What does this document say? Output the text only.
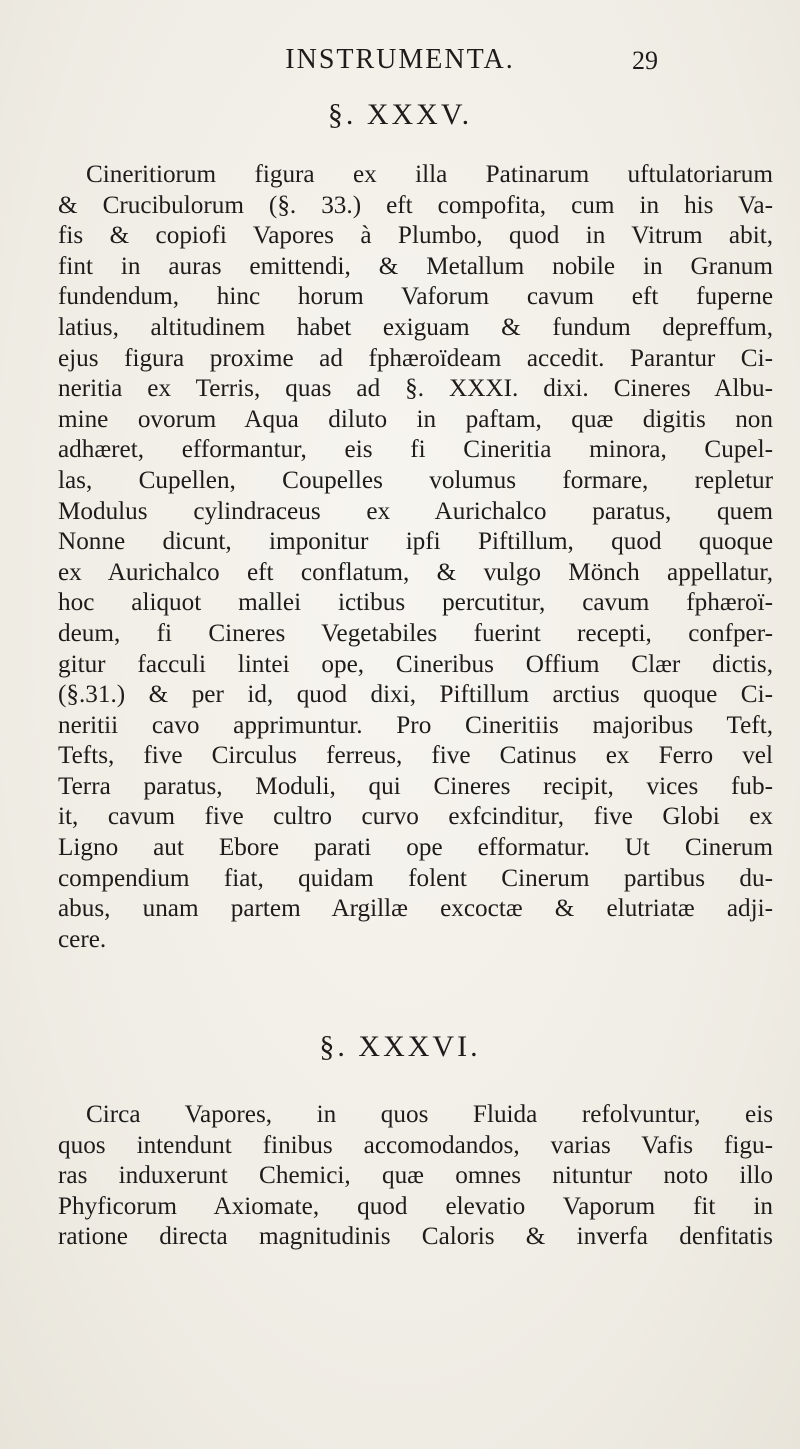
INSTRUMENTA.	29
§. XXXV.
Cineritiorum figura ex illa Patinarum uftulatoriarum
& Crucibulorum (§. 33.) eft compofita, cum in his Va-
fis & copiofi Vapores à Plumbo, quod in Vitrum abit,
fint in auras emittendi, & Metallum nobile in Granum
fundendum, hinc horum Vaforum cavum eft fuperne
latius, altitudinem habet exiguam & fundum depreffum,
ejus figura proxime ad fphæroïdeam accedit. Parantur Ci-
neritia ex Terris, quas ad §. XXXI. dixi. Cineres Albu-
mine ovorum Aqua diluto in paftam, quæ digitis non
adhæret, efformantur, eis fi Cineritia minora, Cupel-
las, Cupellen, Coupelles volumus formare, repletur
Modulus cylindraceus ex Aurichalco paratus, quem
Nonne dicunt, imponitur ipfi Piftillum, quod quoque
ex Aurichalco eft conflatum, & vulgo Mönch appellatur,
hoc aliquot mallei ictibus percutitur, cavum fphæroï-
deum, fi Cineres Vegetabiles fuerint recepti, confper-
gitur facculi lintei ope, Cineribus Offium Clær dictis,
(§.31.) & per id, quod dixi, Piftillum arctius quoque Ci-
neritii cavo apprimuntur. Pro Cineritiis majoribus Teft,
Tefts, five Circulus ferreus, five Catinus ex Ferro vel
Terra paratus, Moduli, qui Cineres recipit, vices fub-
it, cavum five cultro curvo exfcinditur, five Globi ex
Ligno aut Ebore parati ope efformatur. Ut Cinerum
compendium fiat, quidam folent Cinerum partibus du-
abus, unam partem Argillæ excoctæ & elutriatæ adji-
cere.
§. XXXVI.
Circa Vapores, in quos Fluida refolvuntur, eis
quos intendunt finibus accomodandos, varias Vafis figu-
ras induxerunt Chemici, quæ omnes nituntur noto illo
Phyficorum Axiomate, quod elevatio Vaporum fit in
ratione directa magnitudinis Caloris & inverfa denfitatis
